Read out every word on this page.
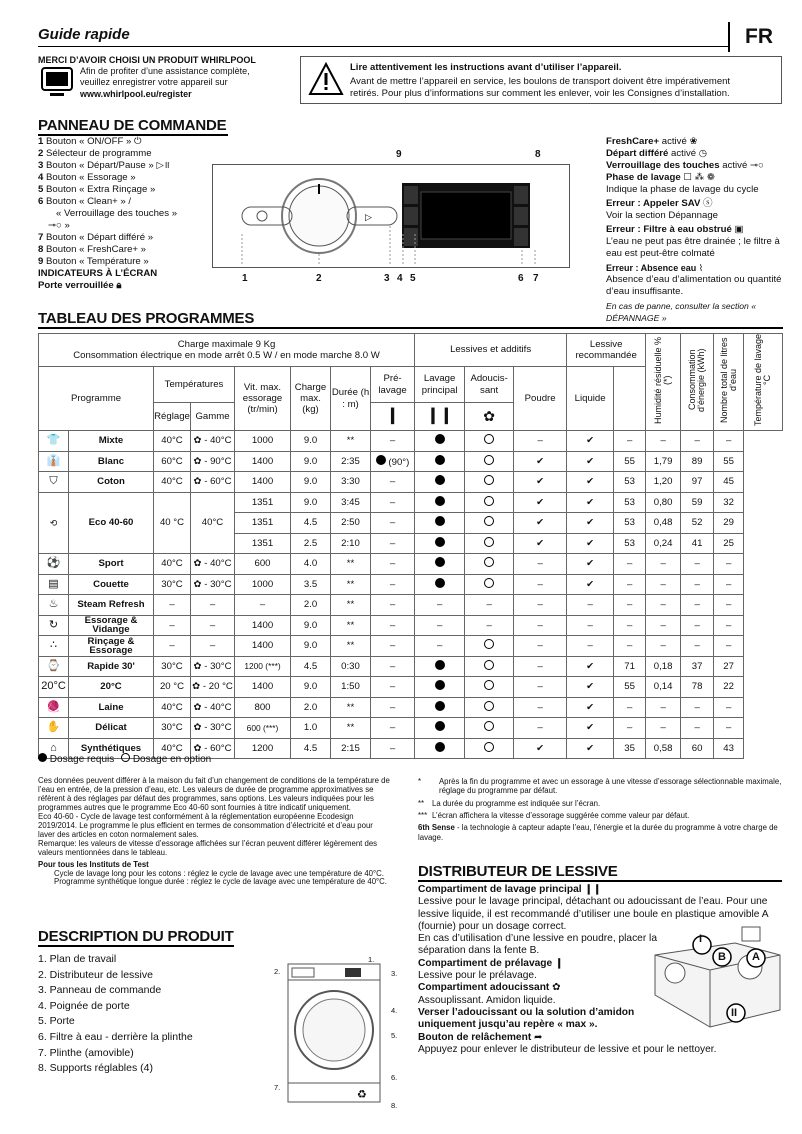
Guide rapide	FR
MERCI D’AVOIR CHOISI UN PRODUIT WHIRLPOOL
Afin de profiter d’une assistance complète,
veuillez enregistrer votre appareil sur
www.whirlpool.eu/register
Lire attentivement les instructions avant d’utiliser l’appareil.
Avant de mettre l’appareil en service, les boulons de transport doivent être impérativement
retirés. Pour plus d’informations sur comment les enlever, voir les Consignes d’installation.
PANNEAU DE COMMANDE
1 Bouton « ON/OFF » ⏻
2 Sélecteur de programme
3 Bouton « Départ/Pause » ▷॥
4 Bouton « Essorage »
5 Bouton « Extra Rinçage »
6 Bouton « Clean+ » /
« Verrouillage des touches »
⊸○ »
7 Bouton « Départ différé »
8 Bouton « FreshCare+ »
9 Bouton « Température »
INDICATEURS À L’ÉCRAN
Porte verrouillée 🔒︎
▷
1	2	3 4 5	6 7
8
9
FreshCare+ activé ❀
Départ différé activé ◷
Verrouillage des touches activé ⊸○
Phase de lavage ☐ ⁂ ❁
Indique la phase de lavage du cycle
Erreur : Appeler SAV ⓢ
Voir la section Dépannage
Erreur : Filtre à eau obstrué ▣
L’eau ne peut pas être drainée ; le filtre à eau est peut-être colmaté
Erreur : Absence eau ⌇
Absence d’eau d’alimentation ou quantité d’eau insuffisante.
En cas de panne, consulter la section « DÉPANNAGE »
TABLEAU DES PROGRAMMES
Charge maximale 9 Kg
Consommation électrique en mode arrêt 0.5 W / en mode marche 8.0 W								Lessives et additifs			Lessive recommandée		Humidité résiduelle % (*)	Consommation d’énergie (kWh)	Nombre total de litres d’eau	Température de lavage °C
Programme		Températures		Vit. max. essorage (tr/min)	Charge max. (kg)	Durée (h : m)	Pré-lavage	Lavage principal	Adoucis-sant	Poudre	Liquide					
		Réglage	Gamme				❙	❙❙	✿							
👕	Mixte	40°C	✿ - 40°C	1000	9.0	**	–			–	✔	–	–	–	–	
👔	Blanc	60°C	✿ - 90°C	1400	9.0	2:35	(90°)			✔	✔	55	1,79	89	55	
⛉	Coton	40°C	✿ - 60°C	1400	9.0	3:30	–			✔	✔	53	1,20	97	45	
⟲	Eco 40-60	40 °C	40°C	1351	9.0	3:45	–			✔	✔	53	0,80	59	32	
				1351	4.5	2:50	–			✔	✔	53	0,48	52	29	
				1351	2.5	2:10	–			✔	✔	53	0,24	41	25	
⚽	Sport	40°C	✿ - 40°C	600	4.0	**	–			–	✔	–	–	–	–	
▤	Couette	30°C	✿ - 30°C	1000	3.5	**	–			–	✔	–	–	–	–	
♨	Steam Refresh	–	–	–	2.0	**	–	–	–	–	–	–	–	–	–	
↻	Essorage & Vidange	–	–	1400	9.0	**	–	–	–	–	–	–	–	–	–	
∴	Rinçage & Essorage	–	–	1400	9.0	**	–	–		–	–	–	–	–	–	
⌚	Rapide 30'	30°C	✿ - 30°C	1200 (***)	4.5	0:30	–			–	✔	71	0,18	37	27	
20°C	20°C	20 °C	✿ - 20 °C	1400	9.0	1:50	–			–	✔	55	0,14	78	22	
🧶	Laine	40°C	✿ - 40°C	800	2.0	**	–			–	✔	–	–	–	–	
✋	Délicat	30°C	✿ - 30°C	600 (***)	1.0	**	–			–	✔	–	–	–	–	
⌂	Synthétiques	40°C	✿ - 60°C	1200	4.5	2:15	–			✔	✔	35	0,58	60	43	
Dosage requis Dosage en option
Ces données peuvent différer à la maison du fait d’un changement de conditions de la température de l’eau en entrée, de la pression d’eau, etc. Les valeurs de durée de programme approximatives se réfèrent à des réglages par défaut des programmes, sans options. Les valeurs indiquées pour les programmes autres que le programme Eco 40-60 sont fournies à titre indicatif uniquement.
Eco 40-60 - Cycle de lavage test conformément à la réglementation européenne Ecodesign 2019/2014. Le programme le plus efficient en termes de consommation d’électricité et d’eau pour laver des articles en coton normalement sales.
Remarque: les valeurs de vitesse d’essorage affichées sur l’écran peuvent différer légèrement des valeurs mentionnées dans le tableau.
Pour tous les Instituts de Test
Cycle de lavage long pour les cotons : réglez le cycle de lavage avec une température de 40°C.
Programme synthétique longue durée : réglez le cycle de lavage avec une température de 40°C.
*	Après la fin du programme et avec un essorage à une vitesse d’essorage sélectionnable maximale, réglage du programme par défaut.
**	La durée du programme est indiquée sur l’écran.
*** L’écran affichera la vitesse d’essorage suggérée comme valeur par défaut.
6th Sense - la technologie à capteur adapte l’eau, l’énergie et la durée du programme à votre charge de lavage.
DISTRIBUTEUR DE LESSIVE
Compartiment de lavage principal ❙❙
Lessive pour le lavage principal, détachant ou adoucissant de l’eau. Pour une lessive liquide, il est recommandé d’utiliser une boule en plastique amovible A (fournie) pour un dosage correct.
En cas d’utilisation d’une lessive en poudre, placer la séparation dans la fente B.
Compartiment de prélavage ❙
Lessive pour le prélavage.
Compartiment adoucissant ✿
Assouplissant. Amidon liquide.
Verser l’adoucissant ou la solution d’amidon uniquement jusqu’au repère « max ».
Bouton de relâchement ➦
Appuyez pour enlever le distributeur de lessive et pour le nettoyer.
I
B A
II
DESCRIPTION DU PRODUIT
1. Plan de travail
2. Distributeur de lessive
3. Panneau de commande
4. Poignée de porte
5. Porte
6. Filtre à eau - derrière la plinthe
7. Plinthe (amovible)
8. Supports réglables (4)
♻
1.
2.	3.
4.
5.
6.
7.
8.
